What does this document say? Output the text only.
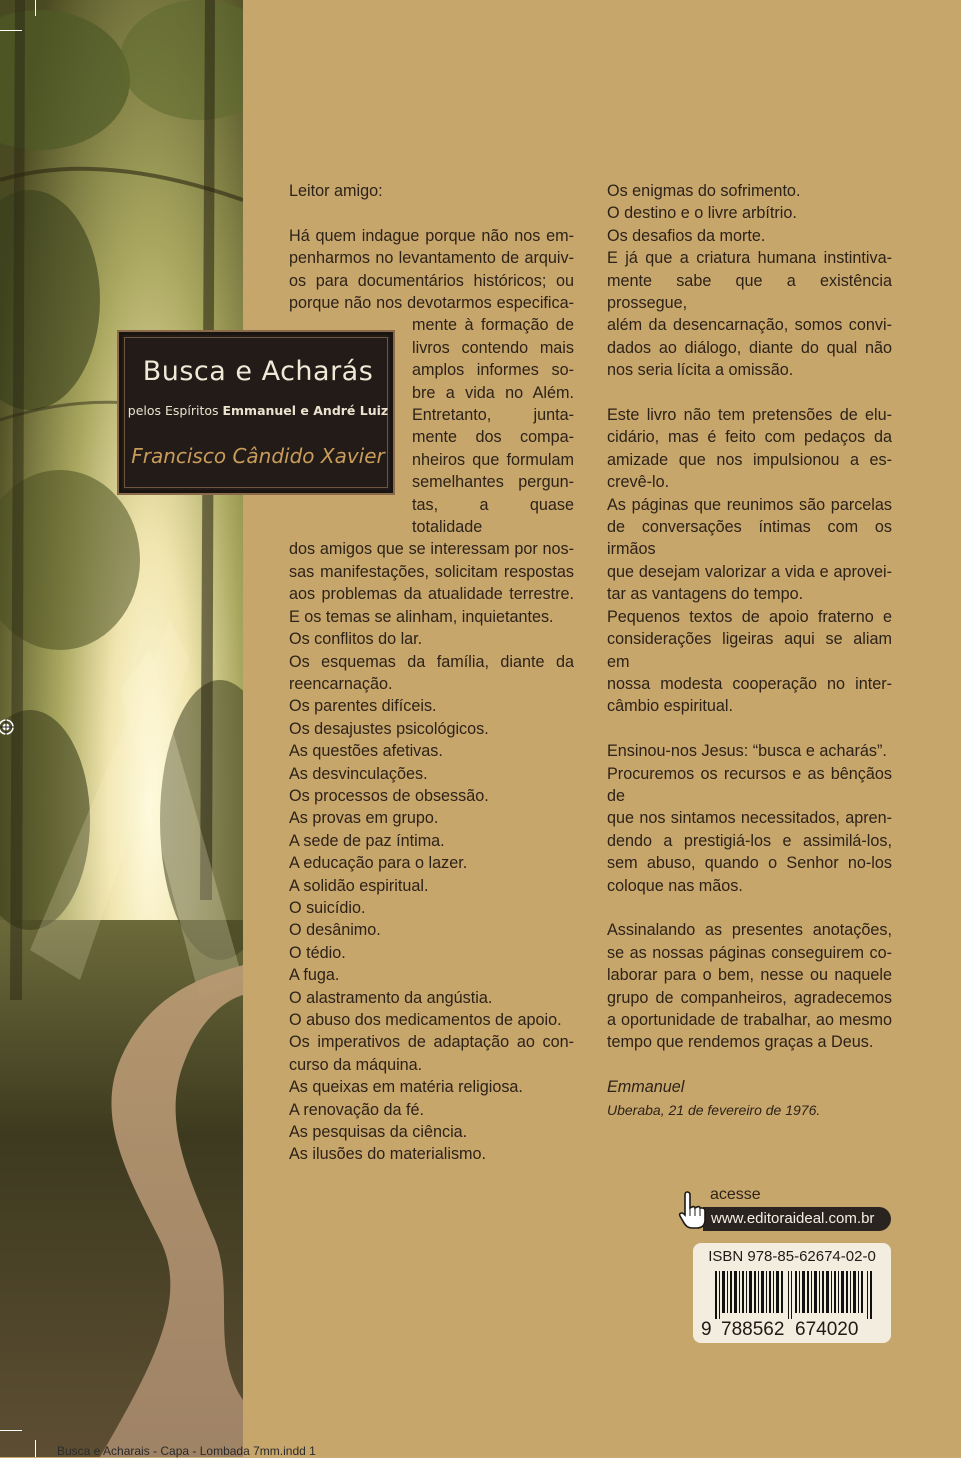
Busca e Acharás
pelos Espíritos Emmanuel e André Luiz
Francisco Cândido Xavier

Leitor amigo:

Há quem indague porque não nos em-
penharmos no levantamento de arquiv-
os para documentários históricos; ou
porque não nos devotarmos especifica-
mente à formação de
livros contendo mais
amplos informes so-
bre a vida no Além.
Entretanto, junta-
mente dos compa-
nheiros que formulam
semelhantes pergun-
tas, a quase totalidade
dos amigos que se interessam por nos-
sas manifestações, solicitam respostas
aos problemas da atualidade terrestre.
E os temas se alinham, inquietantes.
Os conflitos do lar.
Os esquemas da família, diante da
reencarnação.
Os parentes difíceis.
Os desajustes psicológicos.
As questões afetivas.
As desvinculações.
Os processos de obsessão.
As provas em grupo.
A sede de paz íntima.
A educação para o lazer.
A solidão espiritual.
O suicídio.
O desânimo.
O tédio.
A fuga.
O alastramento da angústia.
O abuso dos medicamentos de apoio.
Os imperativos de adaptação ao con-
curso da máquina.
As queixas em matéria religiosa.
A renovação da fé.
As pesquisas da ciência.
As ilusões do materialismo.
Os enigmas do sofrimento.
O destino e o livre arbítrio.
Os desafios da morte.
E já que a criatura humana instintiva-
mente sabe que a existência prossegue,
além da desencarnação, somos convi-
dados ao diálogo, diante do qual não
nos seria lícita a omissão.
Este livro não tem pretensões de elu-
cidário, mas é feito com pedaços da
amizade que nos impulsionou a es-
crevê-lo.
As páginas que reunimos são parcelas
de conversações íntimas com os irmãos
que desejam valorizar a vida e aprovei-
tar as vantagens do tempo.
Pequenos textos de apoio fraterno e
considerações ligeiras aqui se aliam em
nossa modesta cooperação no inter-
câmbio espiritual.
Ensinou-nos Jesus: “busca e acharás”.
Procuremos os recursos e as bênçãos de
que nos sintamos necessitados, apren-
dendo a prestigiá-los e assimilá-los,
sem abuso, quando o Senhor no-los
coloque nas mãos.
Assinalando as presentes anotações,
se as nossas páginas conseguirem co-
laborar para o bem, nesse ou naquele
grupo de companheiros, agradecemos
a oportunidade de trabalhar, ao mesmo
tempo que rendemos graças a Deus.
Emmanuel
Uberaba, 21 de fevereiro de 1976.
acesse
www.editoraideal.com.br
ISBN 978-85-62674-02-0
9 788562 674020
Busca e Acharais - Capa - Lombada 7mm.indd 1
